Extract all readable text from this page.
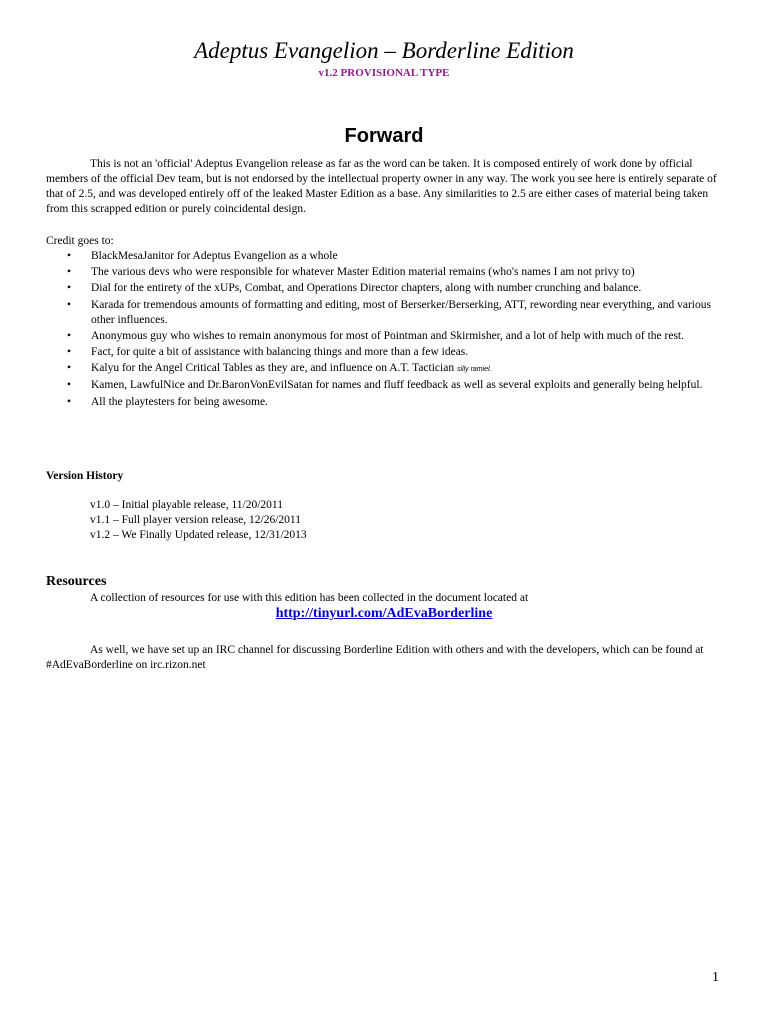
Adeptus Evangelion – Borderline Edition
v1.2 PROVISIONAL TYPE
Forward

This is not an 'official' Adeptus Evangelion release as far as the word can be taken. It is composed entirely of work done by official members of the official Dev team, but is not endorsed by the intellectual property owner in any way. The work you see here is entirely separate of that of 2.5, and was developed entirely off of the leaked Master Edition as a base. Any similarities to 2.5 are either cases of material being taken from this scrapped edition or purely coincidental design.

Credit goes to:
• BlackMesaJanitor for Adeptus Evangelion as a whole
• The various devs who were responsible for whatever Master Edition material remains (who's names I am not privy to)
• Dial for the entirety of the xUPs, Combat, and Operations Director chapters, along with number crunching and balance.
• Karada for tremendous amounts of formatting and editing, most of Berserker/Berserking, ATT, rewording near everything, and various other influences.
• Anonymous guy who wishes to remain anonymous for most of Pointman and Skirmisher, and a lot of help with much of the rest.
• Fact, for quite a bit of assistance with balancing things and more than a few ideas.
• Kalyu for the Angel Critical Tables as they are, and influence on A.T. Tactician silly ramiel.
• Kamen, LawfulNice and Dr.BaronVonEvilSatan for names and fluff feedback as well as several exploits and generally being helpful.
• All the playtesters for being awesome.
Version History
v1.0 – Initial playable release, 11/20/2011
v1.1 – Full player version release, 12/26/2011
v1.2 – We Finally Updated release, 12/31/2013
Resources
A collection of resources for use with this edition has been collected in the document located at
http://tinyurl.com/AdEvaBorderline

As well, we have set up an IRC channel for discussing Borderline Edition with others and with the developers, which can be found at #AdEvaBorderline on irc.rizon.net

1
